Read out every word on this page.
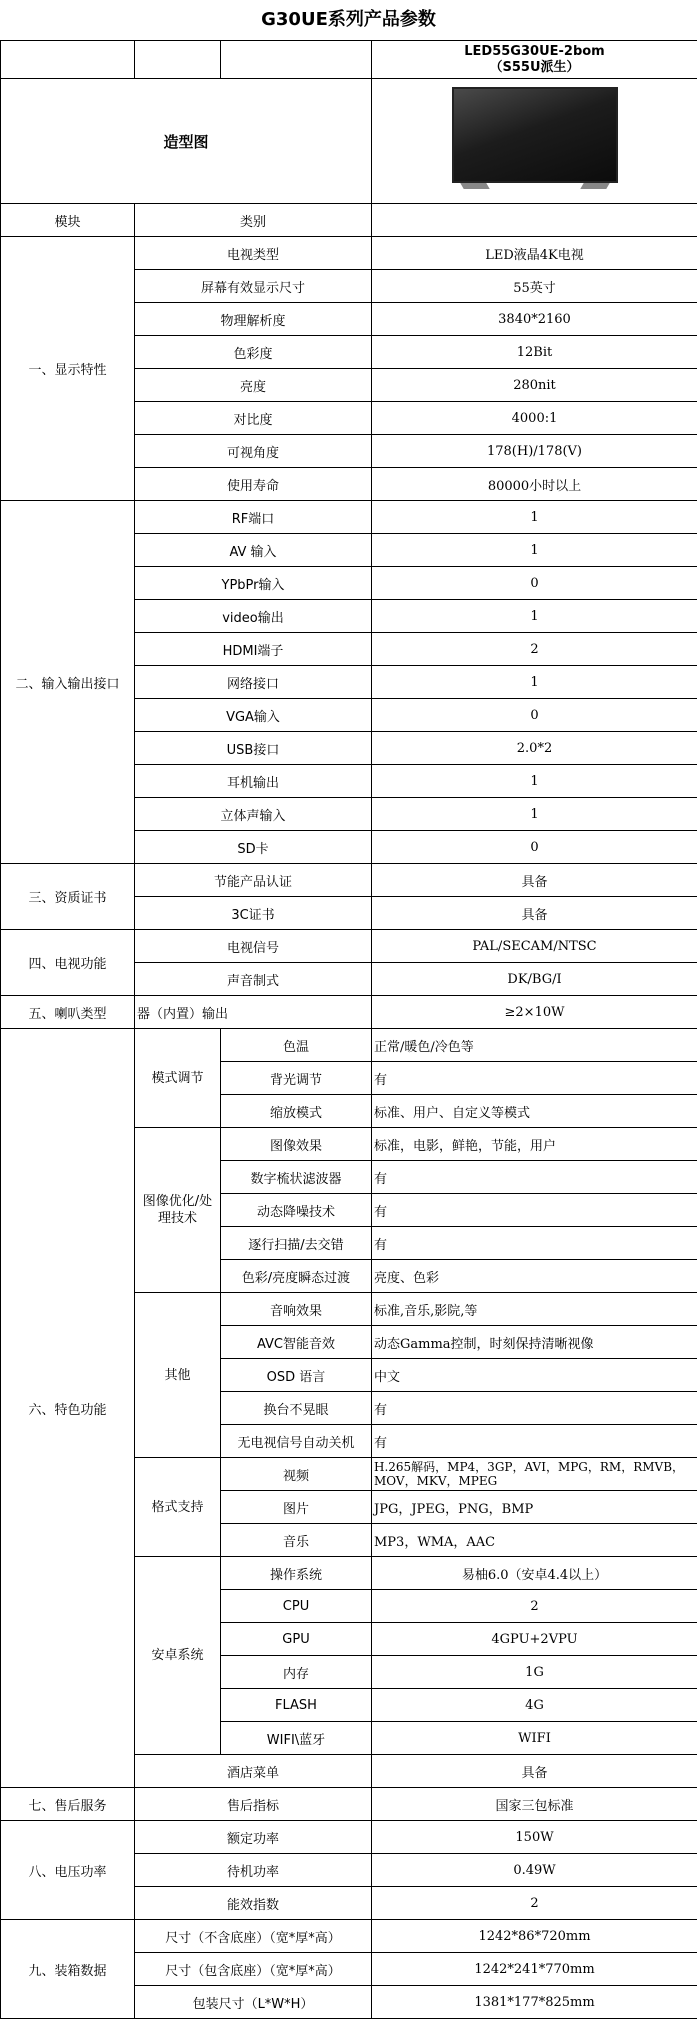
G30UE系列产品参数

			LED55G30UE-2bom
（S55U派生）

造型图			

模块	类别		
一、显示特性	电视类型		LED液晶4K电视
	屏幕有效显示尺寸		55英寸
	物理解析度		3840*2160
	色彩度		12Bit
	亮度		280nit
	对比度		4000:1
	可视角度		178(H)/178(V)
	使用寿命		80000小时以上
二、输入输出接口	RF端口		1
	AV 输入		1
	YPbPr输入		0
	video输出		1
	HDMI端子		2
	网络接口		1
	VGA输入		0
	USB接口		2.0*2
	耳机输出		1
	立体声输入		1
	SD卡		0
三、资质证书	节能产品认证		具备
	3C证书		具备
四、电视功能	电视信号		PAL/SECAM/NTSC
	声音制式		DK/BG/I
五、喇叭类型	器（内置）输出		≥2×10W
六、特色功能	模式调节	色温	正常/暖色/冷色等
		背光调节	有
		缩放模式	标准、用户、自定义等模式
	图像优化/处理技术	图像效果	标准，电影，鲜艳，节能，用户
		数字梳状滤波器	有
		动态降噪技术	有
		逐行扫描/去交错	有
		色彩/亮度瞬态过渡	亮度、色彩
	其他	音响效果	标准,音乐,影院,等
		AVC智能音效	动态Gamma控制，时刻保持清晰视像
		OSD 语言	中文
		换台不晃眼	有
		无电视信号自动关机	有
	格式支持	视频	H.265解码，MP4，3GP，AVI，MPG，RM，RMVB，MOV，MKV，MPEG
		图片	JPG，JPEG，PNG，BMP
		音乐	MP3，WMA，AAC
	安卓系统	操作系统	易柚6.0（安卓4.4以上）
		CPU	2
		GPU	4GPU+2VPU
		内存	1G
		FLASH	4G
		WIFI\蓝牙	WIFI
	酒店菜单		具备
七、售后服务	售后指标		国家三包标准
八、电压功率	额定功率		150W
	待机功率		0.49W
	能效指数		2
九、装箱数据	尺寸（不含底座）（宽*厚*高）		1242*86*720mm
	尺寸（包含底座）（宽*厚*高）		1242*241*770mm
	包装尺寸（L*W*H）		1381*177*825mm
